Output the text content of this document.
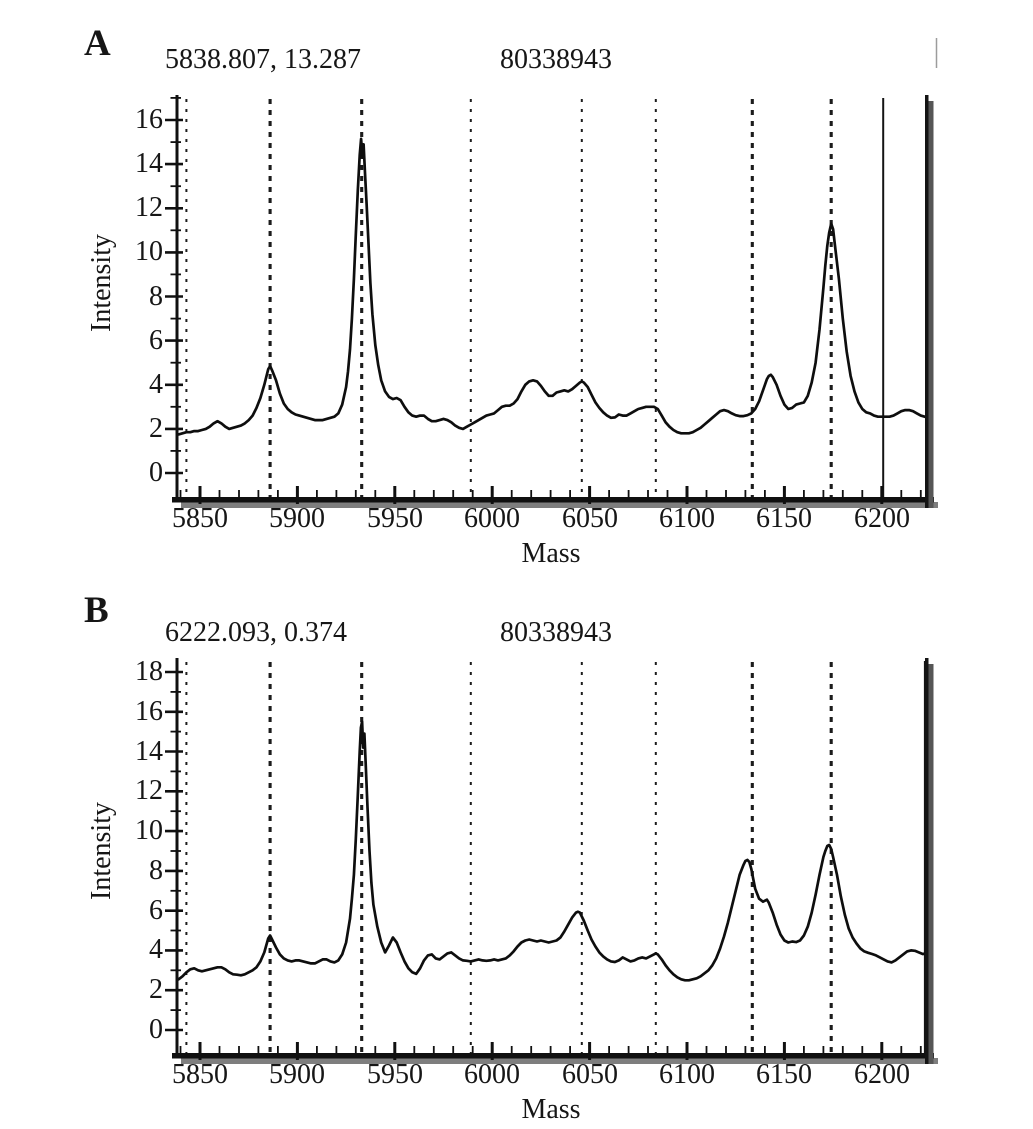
A 5838.807, 13.287	80338943
Intensity
Mass
5850	5900	5950	6000	6050	6100	6150	6200
0
2
4
6
8
10
12
14
16
B
6222.093, 0.374	80338943
Intensity
Mass
5850	5900	5950	6000	6050	6100	6150	6200
0
2
4
6
8
10
12
14
16
18
